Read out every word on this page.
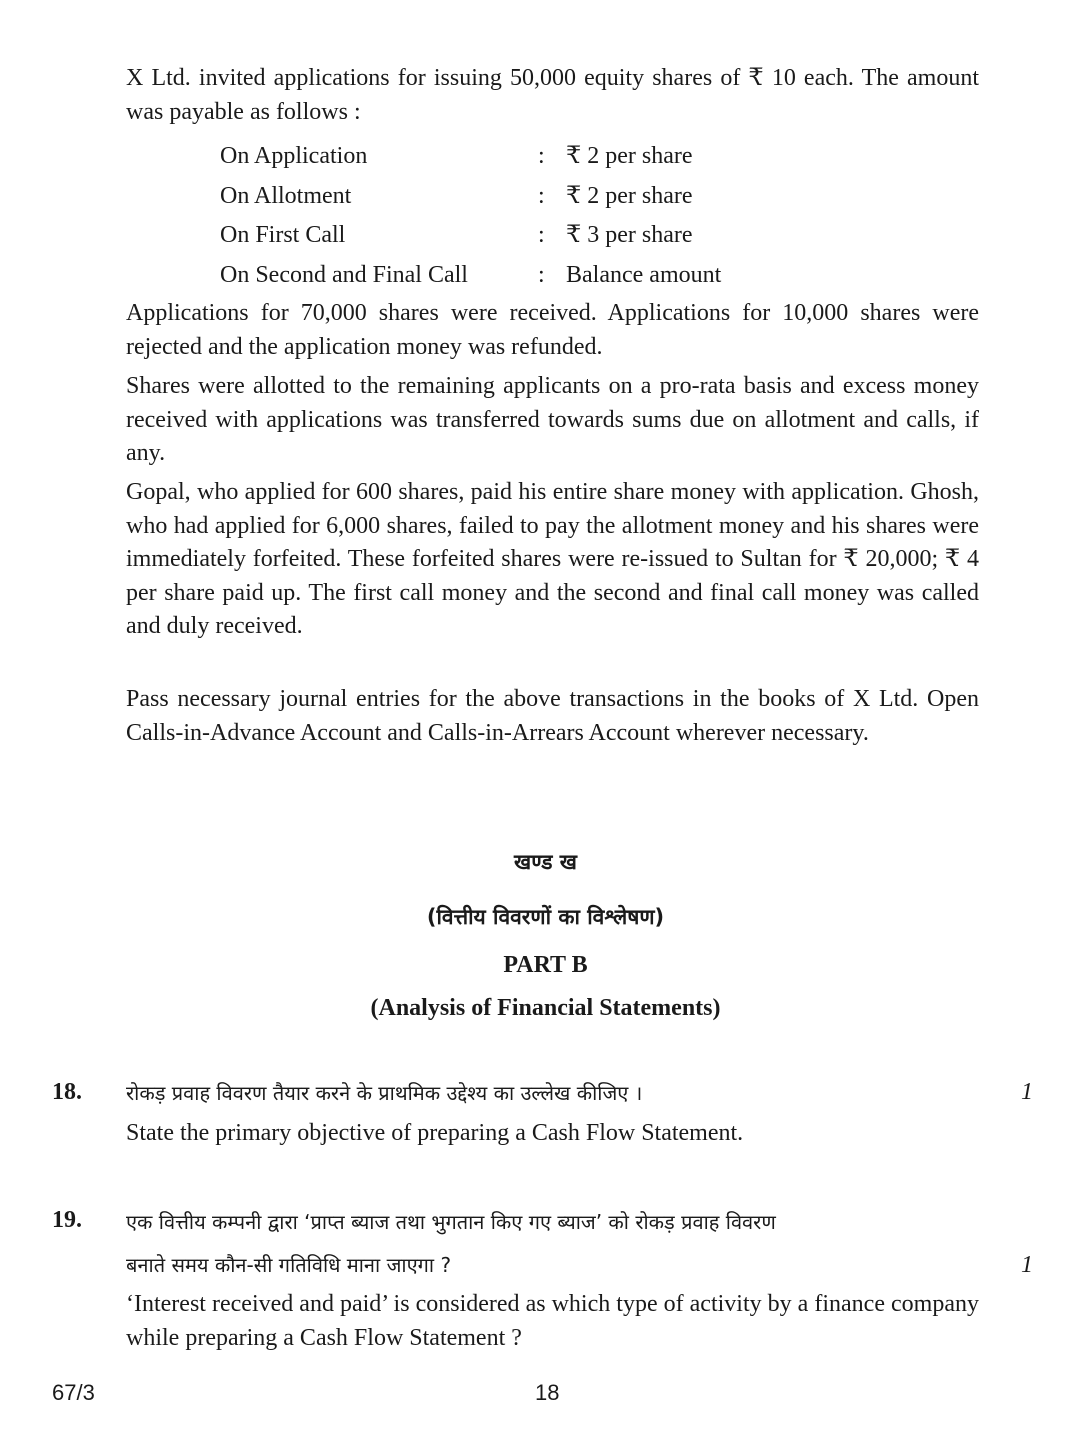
X Ltd. invited applications for issuing 50,000 equity shares of ₹ 10 each. The amount was payable as follows :

On Application	: ₹ 2 per share
On Allotment	: ₹ 2 per share
On First Call	: ₹ 3 per share
On Second and Final Call	: Balance amount

Applications for 70,000 shares were received. Applications for 10,000 shares were rejected and the application money was refunded.

Shares were allotted to the remaining applicants on a pro-rata basis and excess money received with applications was transferred towards sums due on allotment and calls, if any.

Gopal, who applied for 600 shares, paid his entire share money with application. Ghosh, who had applied for 6,000 shares, failed to pay the allotment money and his shares were immediately forfeited. These forfeited shares were re-issued to Sultan for ₹ 20,000; ₹ 4 per share paid up. The first call money and the second and final call money was called and duly received.

Pass necessary journal entries for the above transactions in the books of X Ltd. Open Calls-in-Advance Account and Calls-in-Arrears Account wherever necessary.

खण्ड ख

(वित्तीय विवरणों का विश्लेषण)

PART B

(Analysis of Financial Statements)

18. रोकड़ प्रवाह विवरण तैयार करने के प्राथमिक उद्देश्य का उल्लेख कीजिए ।

State the primary objective of preparing a Cash Flow Statement.

1
19. एक वित्तीय कम्पनी द्वारा ‘प्राप्त ब्याज तथा भुगतान किए गए ब्याज’ को रोकड़ प्रवाह विवरण

बनाते समय कौन-सी गतिविधि माना जाएगा ?

‘Interest received and paid’ is considered as which type of activity by a finance company while preparing a Cash Flow Statement ?

1
67/3	18
